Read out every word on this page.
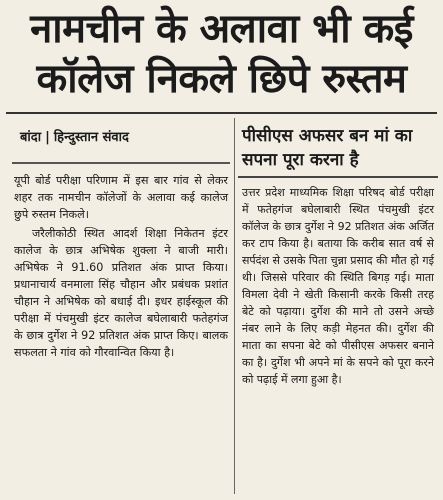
नामचीन के अलावा भी कई
कॉलेज निकले छिपे रुस्तम
बांदा | हिन्दुस्तान संवाद

यूपी बोर्ड परीक्षा परिणाम में इस बार गांव से लेकर शहर तक नामचीन कॉलेजों के अलावा कई कालेज छुपे रुस्तम निकले।

जरैलीकोठी स्थित आदर्श शिक्षा निकेतन इंटर कालेज के छात्र अभिषेक शुक्ला ने बाजी मारी। अभिषेक ने 91.60 प्रतिशत अंक प्राप्त किया। प्रधानाचार्य वनमाला सिंह चौहान और प्रबंधक प्रशांत चौहान ने अभिषेक को बधाई दी। इधर हाईस्कूल की परीक्षा में पंचमुखी इंटर कालेज बघेलाबारी फतेहगंज के छात्र दुर्गेश ने 92 प्रतिशत अंक प्राप्त किए। बालक सफलता ने गांव को गौरवान्वित किया है।

पीसीएस अफसर बन मां का सपना पूरा करना है

उत्तर प्रदेश माध्यमिक शिक्षा परिषद बोर्ड परीक्षा में फतेहगंज बघेलाबारी स्थित पंचमुखी इंटर कॉलेज के छात्र दुर्गेश ने 92 प्रतिशत अंक अर्जित कर टाप किया है। बताया कि करीब सात वर्ष से सर्पदंश से उसके पिता चुन्ना प्रसाद की मौत हो गई थी। जिससे परिवार की स्थिति बिगड़ गई। माता विमला देवी ने खेती किसानी करके किसी तरह बेटे को पढ़ाया। दुर्गेश की माने तो उसने अच्छे नंबर लाने के लिए कड़ी मेहनत की। दुर्गेश की माता का सपना बेटे को पीसीएस अफसर बनाने का है। दुर्गेश भी अपने मां के सपने को पूरा करने को पढ़ाई में लगा हुआ है।
